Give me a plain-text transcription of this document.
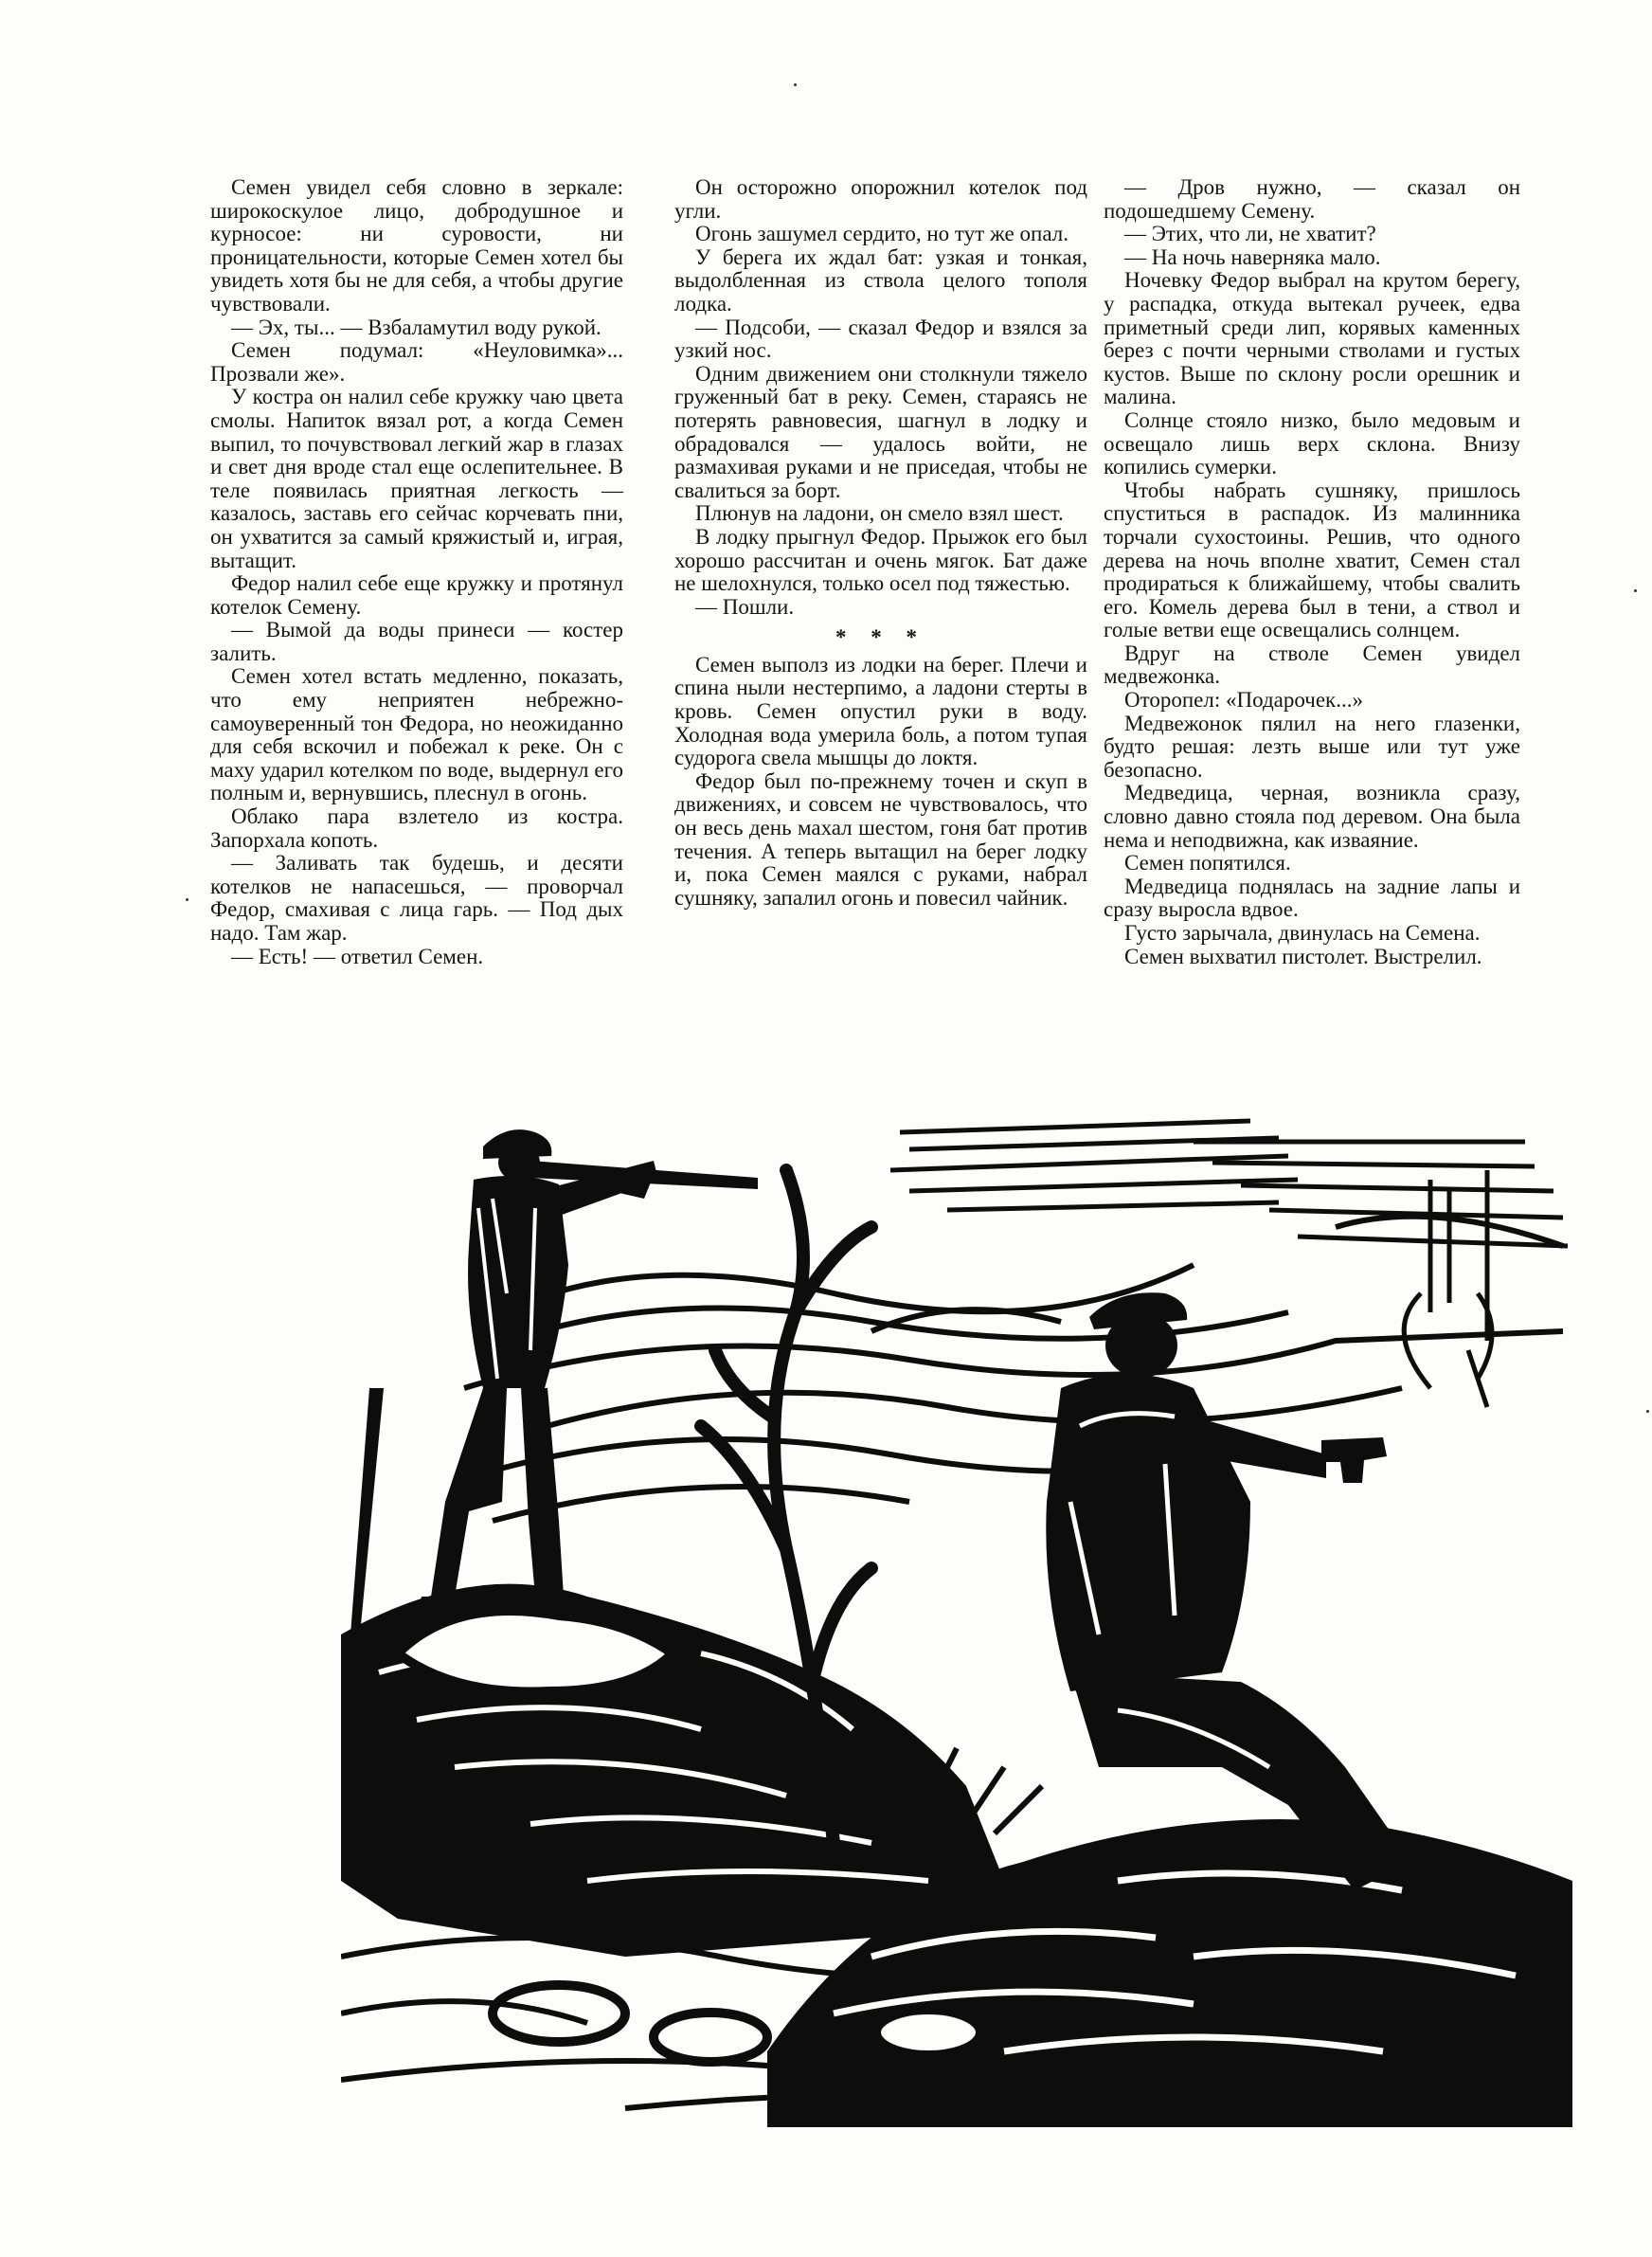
Семен увидел себя словно в зеркале: широкоскулое лицо, добродушное и курносое: ни суровости, ни проницательности, которые Семен хотел бы увидеть хотя бы не для себя, а чтобы другие чувствовали.

— Эх, ты... — Взбаламутил воду рукой.

Семен подумал: «Неуловимка»... Прозвали же».

У костра он налил себе кружку чаю цвета смолы. Напиток вязал рот, а когда Семен выпил, то почувствовал легкий жар в глазах и свет дня вроде стал еще ослепительнее. В теле появилась приятная легкость — казалось, заставь его сейчас корчевать пни, он ухватится за самый кряжистый и, играя, вытащит.

Федор налил себе еще кружку и протянул котелок Семену.

— Вымой да воды принеси — костер залить.

Семен хотел встать медленно, показать, что ему неприятен небрежно-самоуверенный тон Федора, но неожиданно для себя вскочил и побежал к реке. Он с маху ударил котелком по воде, выдернул его полным и, вернувшись, плеснул в огонь.

Облако пара взлетело из костра. Запорхала копоть.

— Заливать так будешь, и десяти котелков не напасешься, — проворчал Федор, смахивая с лица гарь. — Под дых надо. Там жар.

— Есть! — ответил Семен.

Он осторожно опорожнил котелок под угли.

Огонь зашумел сердито, но тут же опал.

У берега их ждал бат: узкая и тонкая, выдолбленная из ствола целого тополя лодка.

— Подсоби, — сказал Федор и взялся за узкий нос.

Одним движением они столкнули тяжело груженный бат в реку. Семен, стараясь не потерять равновесия, шагнул в лодку и обрадовался — удалось войти, не размахивая руками и не приседая, чтобы не свалиться за борт.

Плюнув на ладони, он смело взял шест.

В лодку прыгнул Федор. Прыжок его был хорошо рассчитан и очень мягок. Бат даже не шелохнулся, только осел под тяжестью.

— Пошли.

* * *

Семен выполз из лодки на берег. Плечи и спина ныли нестерпимо, а ладони стерты в кровь. Семен опустил руки в воду. Холодная вода умерила боль, а потом тупая судорога свела мышцы до локтя.

Федор был по-прежнему точен и скуп в движениях, и совсем не чувствовалось, что он весь день махал шестом, гоня бат против течения. А теперь вытащил на берег лодку и, пока Семен маялся с руками, набрал сушняку, запалил огонь и повесил чайник.

— Дров нужно, — сказал он подошедшему Семену.

— Этих, что ли, не хватит?

— На ночь наверняка мало.

Ночевку Федор выбрал на крутом берегу, у распадка, откуда вытекал ручеек, едва приметный среди лип, корявых каменных берез с почти черными стволами и густых кустов. Выше по склону росли орешник и малина.

Солнце стояло низко, было медовым и освещало лишь верх склона. Внизу копились сумерки.

Чтобы набрать сушняку, пришлось спуститься в распадок. Из малинника торчали сухостоины. Решив, что одного дерева на ночь вполне хватит, Семен стал продираться к ближайшему, чтобы свалить его. Комель дерева был в тени, а ствол и голые ветви еще освещались солнцем.

Вдруг на стволе Семен увидел медвежонка.

Оторопел: «Подарочек...»

Медвежонок пялил на него глазенки, будто решая: лезть выше или тут уже безопасно.

Медведица, черная, возникла сразу, словно давно стояла под деревом. Она была нема и неподвижна, как изваяние.

Семен попятился.

Медведица поднялась на задние лапы и сразу выросла вдвое.

Густо зарычала, двинулась на Семена.

Семен выхватил пистолет. Выстрелил.
